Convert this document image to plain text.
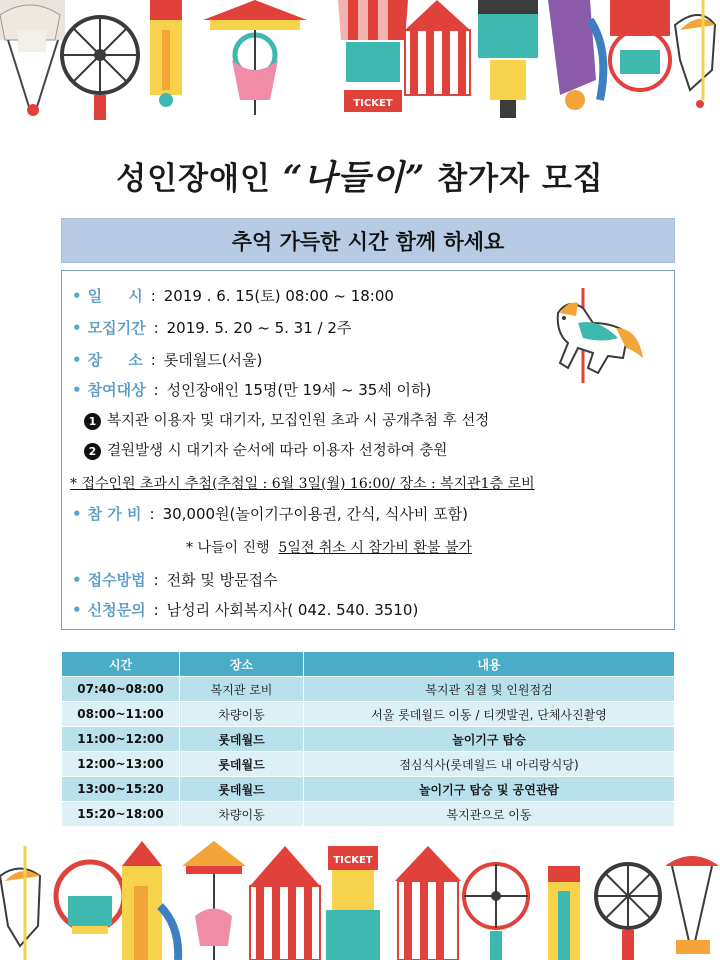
TICKET
성인장애인 “나들이” 참가자 모집
추억 가득한 시간 함께 하세요
• 일     시 : 2019 . 6. 15(토) 08:00 ~ 18:00
• 모집기간 : 2019. 5. 20 ~ 5. 31 / 2주
• 장     소 : 롯데월드(서울)
• 참여대상 : 성인장애인 15명(만 19세 ~ 35세 이하)
1 복지관 이용자 및 대기자, 모집인원 초과 시 공개추첨 후 선정
2 결원발생 시 대기자 순서에 따라 이용자 선정하여 충원
* 접수인원 초과시 추첨(추첨일 : 6월 3일(월) 16:00/ 장소 : 복지관1층 로비
• 참 가 비 : 30,000원(놀이기구이용권, 간식, 식사비 포함)
* 나들이 진행  5일전 취소 시 참가비 환불 불가
• 접수방법 : 전화 및 방문접수
• 신청문의 : 남성리 사회복지사( 042. 540. 3510)
시간	장소	내용
07:40~08:00	복지관 로비	복지관 집결 및 인원점검
08:00~11:00	차량이동	서울 롯데월드 이동 / 티켓발권, 단체사진촬영
11:00~12:00	롯데월드	놀이기구 탑승
12:00~13:00	롯데월드	점심식사(롯데월드 내 아리랑식당)
13:00~15:20	롯데월드	놀이기구 탑승 및 공연관람
15:20~18:00	차량이동	복지관으로 이동
TICKET
